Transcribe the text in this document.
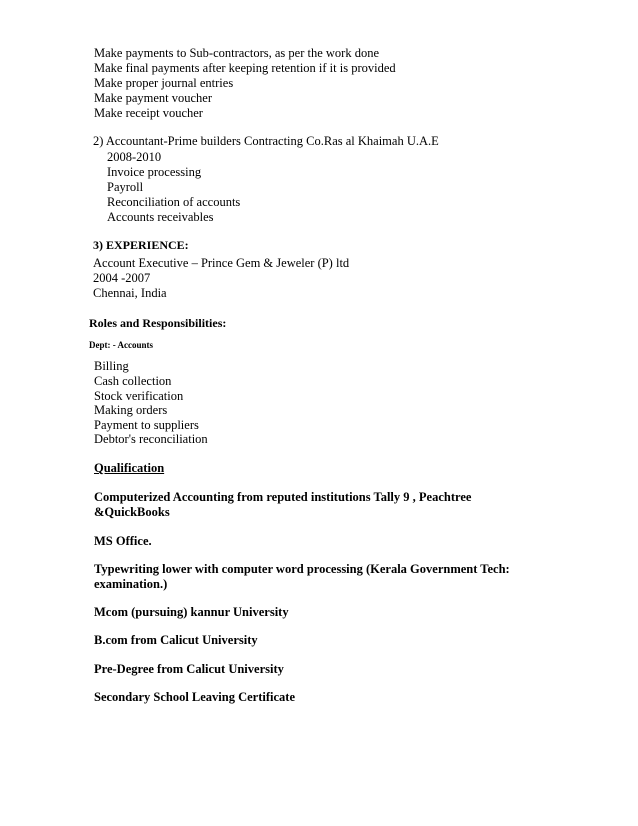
Make payments to Sub-contractors, as per the work done
Make final payments after keeping retention if it is provided
Make proper journal entries
Make payment voucher
Make receipt voucher
2) Accountant-Prime builders Contracting Co.Ras al Khaimah U.A.E
2008-2010
Invoice processing
Payroll
Reconciliation of accounts
Accounts receivables
3) EXPERIENCE:
Account Executive – Prince Gem & Jeweler (P) ltd
2004 -2007
Chennai, India
Roles and Responsibilities:
Dept: - Accounts
Billing
Cash collection
Stock verification
Making orders
Payment to suppliers
Debtor's reconciliation
Qualification
Computerized Accounting from reputed institutions Tally 9 , Peachtree
&QuickBooks
MS Office.
Typewriting lower with computer word processing (Kerala Government Tech:
examination.)
Mcom (pursuing) kannur University
B.com from Calicut University
Pre-Degree from Calicut University
Secondary School Leaving Certificate
